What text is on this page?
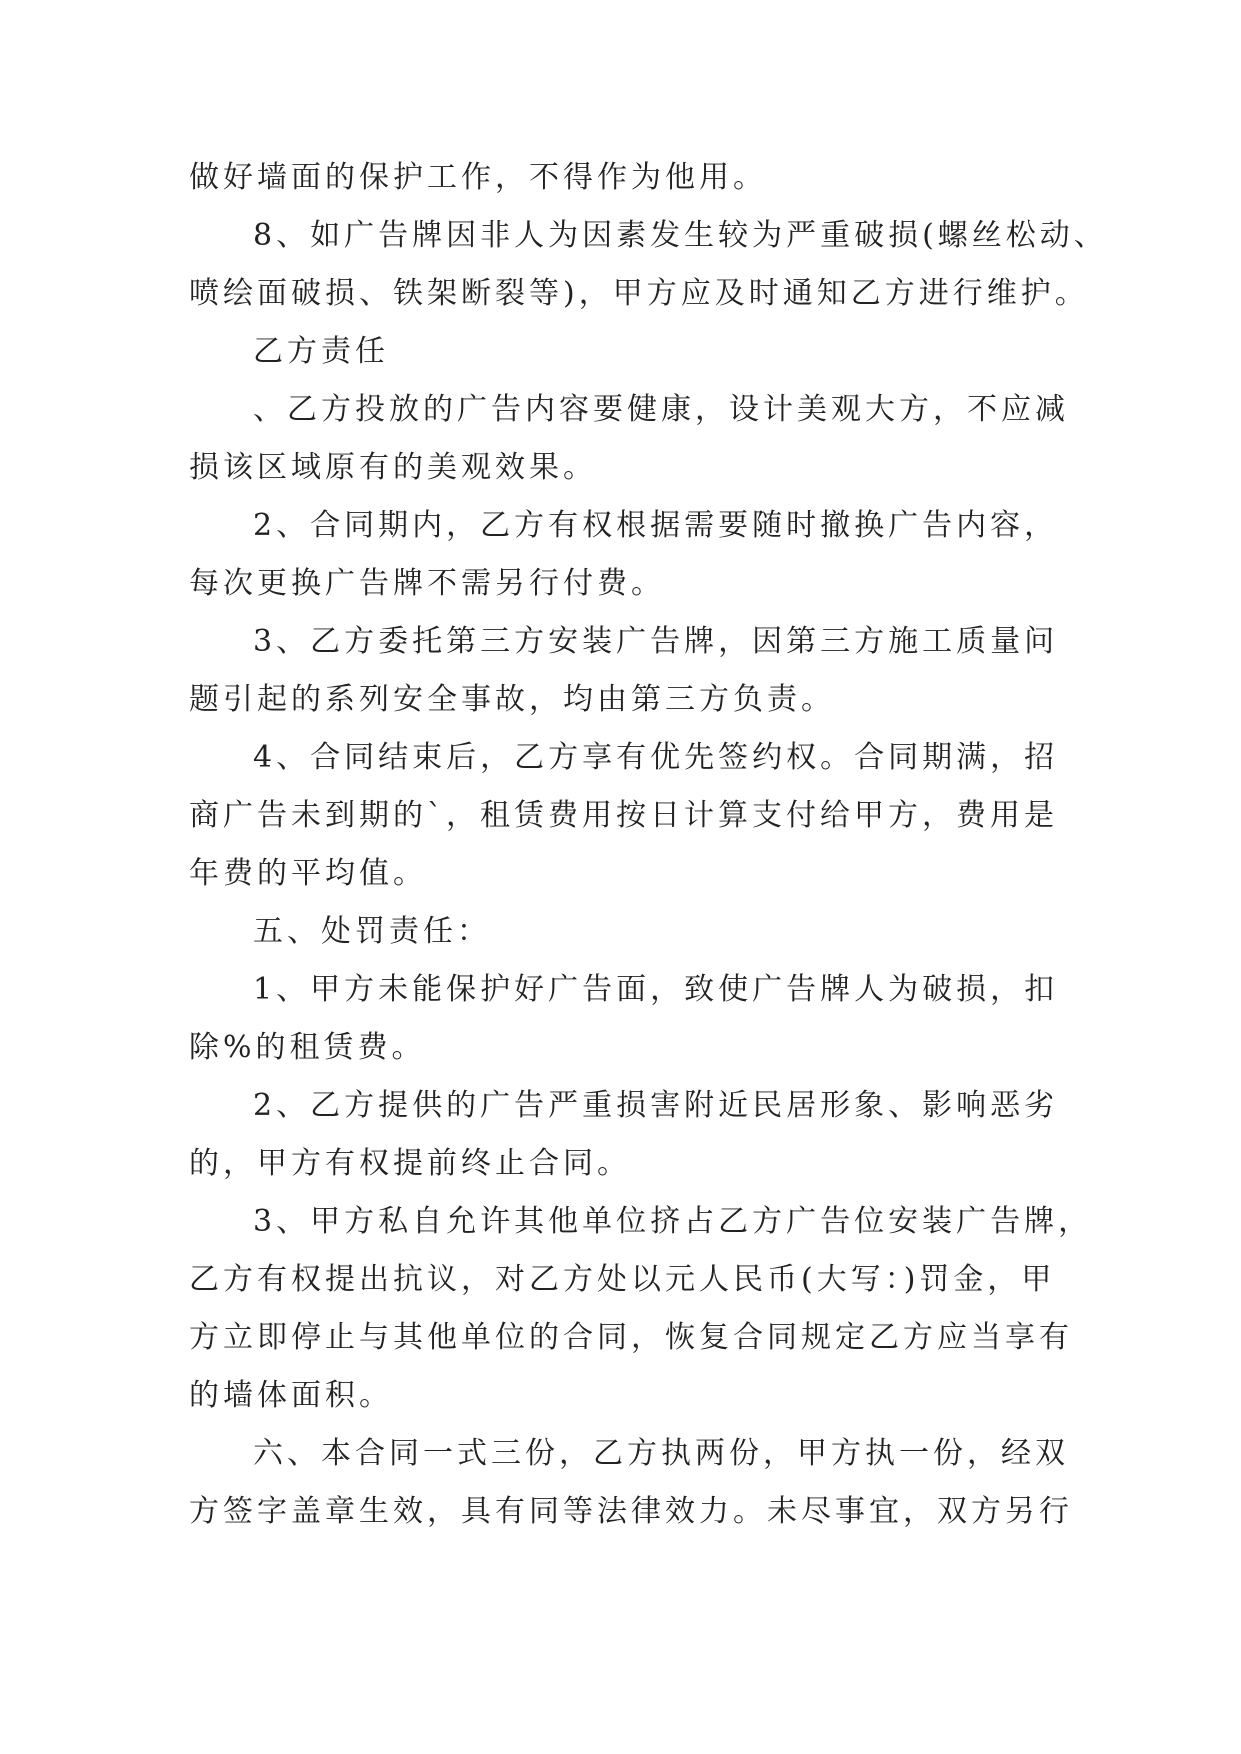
做好墙面的保护工作，不得作为他用。
8、如广告牌因非人为因素发生较为严重破损(螺丝松动、
喷绘面破损、铁架断裂等)，甲方应及时通知乙方进行维护。
乙方责任
、乙方投放的广告内容要健康，设计美观大方，不应减
损该区域原有的美观效果。
2、合同期内，乙方有权根据需要随时撤换广告内容，
每次更换广告牌不需另行付费。
3、乙方委托第三方安装广告牌，因第三方施工质量问
题引起的系列安全事故，均由第三方负责。
4、合同结束后，乙方享有优先签约权。合同期满，招
商广告未到期的`，租赁费用按日计算支付给甲方，费用是
年费的平均值。
五、处罚责任：
1、甲方未能保护好广告面，致使广告牌人为破损，扣
除%的租赁费。
2、乙方提供的广告严重损害附近民居形象、影响恶劣
的，甲方有权提前终止合同。
3、甲方私自允许其他单位挤占乙方广告位安装广告牌，
乙方有权提出抗议，对乙方处以元人民币(大写：)罚金，甲
方立即停止与其他单位的合同，恢复合同规定乙方应当享有
的墙体面积。
六、本合同一式三份，乙方执两份，甲方执一份，经双
方签字盖章生效，具有同等法律效力。未尽事宜，双方另行
